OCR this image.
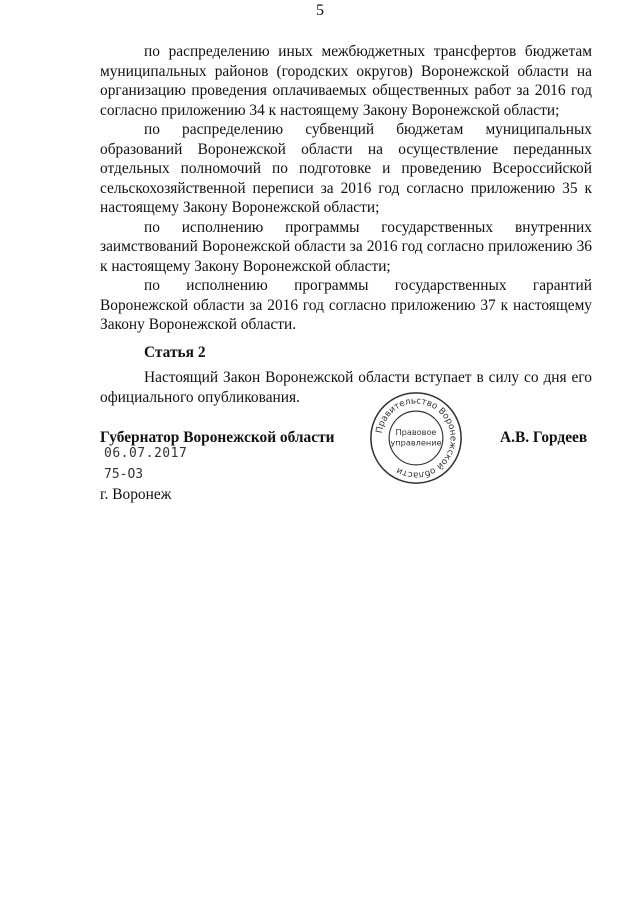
5

по распределению иных межбюджетных трансфертов бюджетам муниципальных районов (городских округов) Воронежской области на организацию проведения оплачиваемых общественных работ за 2016 год согласно приложению 34 к настоящему Закону Воронежской области;

по распределению субвенций бюджетам муниципальных образований Воронежской области на осуществление переданных отдельных полномочий по подготовке и проведению Всероссийской сельскохозяйственной переписи за 2016 год согласно приложению 35 к настоящему Закону Воронежской области;

по исполнению программы государственных внутренних заимствований Воронежской области за 2016 год согласно приложению 36 к настоящему Закону Воронежской области;

по исполнению программы государственных гарантий Воронежской области за 2016 год согласно приложению 37 к настоящему Закону Воронежской области.

Статья 2

Настоящий Закон Воронежской области вступает в силу со дня его официального опубликования.

Губернатор Воронежской области	А.В. Гордеев
06.07.2017
75-ОЗ
г. Воронеж
Правительство Воронежской области
Правовое
управление
